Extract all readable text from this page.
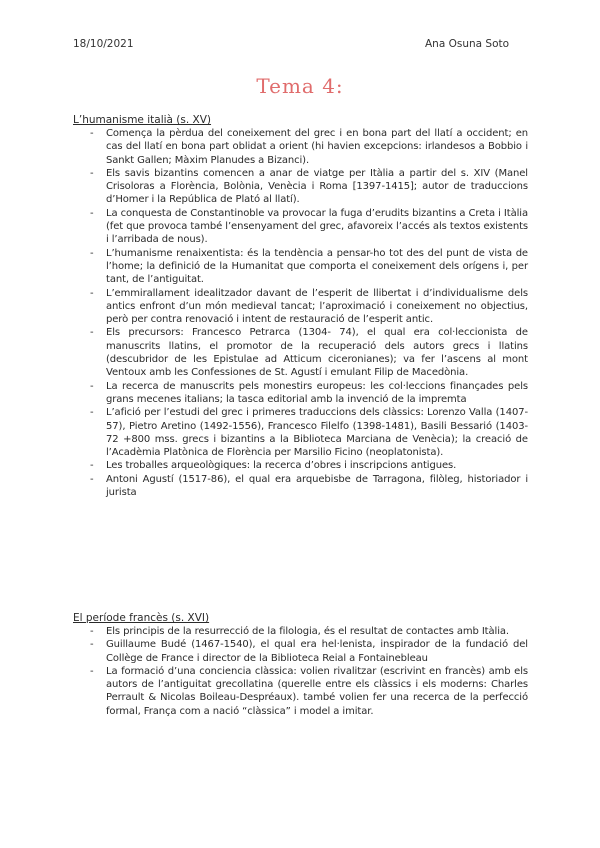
18/10/2021	Ana Osuna Soto
Tema 4:
L’humanisme italià (s. XV)
- Comença la pèrdua del coneixement del grec i en bona part del llatí a occident; en cas del llatí en bona part oblidat a orient (hi havien excepcions: irlandesos a Bobbio i Sankt Gallen; Màxim Planudes a Bizanci).
- Els savis bizantins comencen a anar de viatge per Itàlia a partir del s. XIV (Manel Crisoloras a Florència, Bolònia, Venècia i Roma [1397-1415]; autor de traduccions d’Homer i la República de Plató al llatí).
- La conquesta de Constantinoble va provocar la fuga d’erudits bizantins a Creta i Itàlia (fet que provoca també l’ensenyament del grec, afavoreix l’accés als textos existents i l’arribada de nous).
- L’humanisme renaixentista: és la tendència a pensar-ho tot des del punt de vista de l’home; la definició de la Humanitat que comporta el coneixement dels orígens i, per tant, de l’antiguitat.
- L’emmirallament idealitzador davant de l’esperit de llibertat i d’individualisme dels antics enfront d’un món medieval tancat; l’aproximació i coneixement no objectius, però per contra renovació i intent de restauració de l’esperit antic.
- Els precursors: Francesco Petrarca (1304- 74), el qual era col·leccionista de manuscrits llatins, el promotor de la recuperació dels autors grecs i llatins (descubridor de les Epistulae ad Atticum ciceronianes); va fer l’ascens al mont Ventoux amb les Confessiones de St. Agustí i emulant Filip de Macedònia.
- La recerca de manuscrits pels monestirs europeus: les col·leccions finançades pels grans mecenes italians; la tasca editorial amb la invenció de la impremta
- L’afició per l’estudi del grec i primeres traduccions dels clàssics: Lorenzo Valla (1407-57), Pietro Aretino (1492-1556), Francesco Filelfo (1398-1481), Basili Bessarió (1403-72 +800 mss. grecs i bizantins a la Biblioteca Marciana de Venècia); la creació de l’Acadèmia Platònica de Florència per Marsilio Ficino (neoplatonista).
- Les troballes arqueològiques: la recerca d’obres i inscripcions antigues.
- Antoni Agustí (1517-86), el qual era arquebisbe de Tarragona, filòleg, historiador i jurista
El període francès (s. XVI)
- Els principis de la resurrecció de la filologia, és el resultat de contactes amb Itàlia.
- Guillaume Budé (1467-1540), el qual era hel·lenista, inspirador de la fundació del Collège de France i director de la Biblioteca Reial a Fontainebleau
- La formació d’una conciencia clàssica: volien rivalitzar (escrivint en francès) amb els autors de l’antiguitat grecollatina (querelle entre els clàssics i els moderns: Charles Perrault & Nicolas Boileau-Despréaux). també volien fer una recerca de la perfecció formal, França com a nació “clàssica” i model a imitar.
